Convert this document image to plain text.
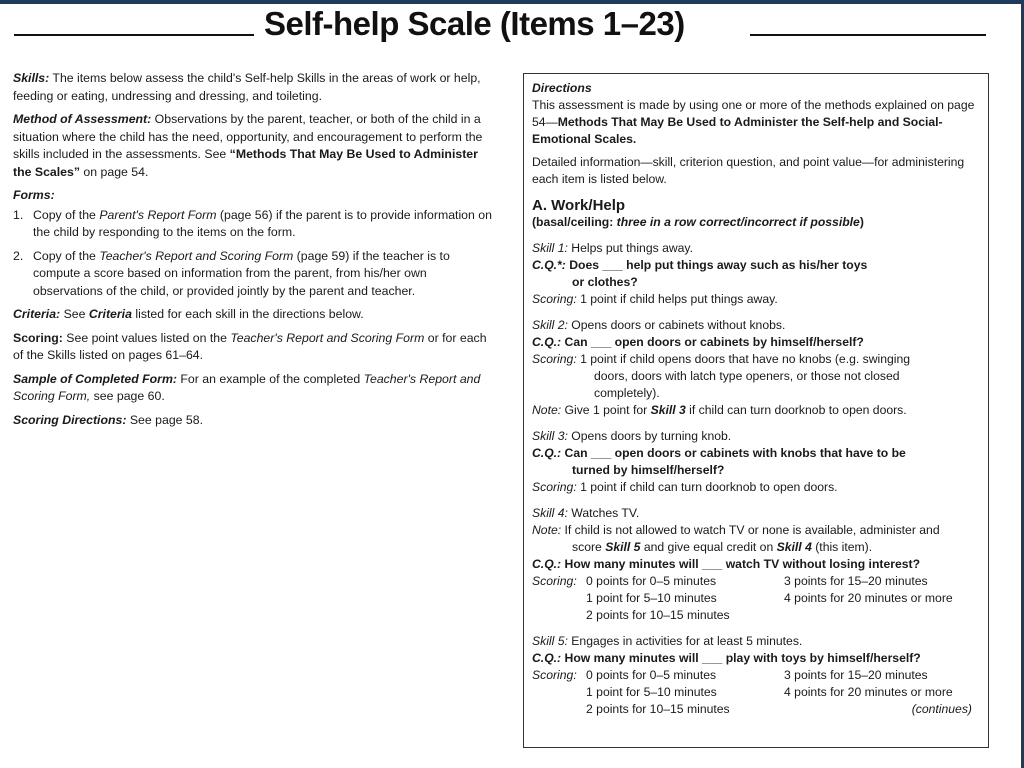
Self-help Scale (Items 1–23)

Skills: The items below assess the child's Self-help Skills in the areas of work or help, feeding or eating, undressing and dressing, and toileting.

Method of Assessment: Observations by the parent, teacher, or both of the child in a situation where the child has the need, opportunity, and encouragement to perform the skills included in the assessments. See “Methods That May Be Used to Administer the Scales” on page 54.

Forms:

1. Copy of the Parent's Report Form (page 56) if the parent is to provide information on the child by responding to the items on the form.
2. Copy of the Teacher's Report and Scoring Form (page 59) if the teacher is to compute a score based on information from the parent, from his/her own observations of the child, or provided jointly by the parent and teacher.

Criteria: See Criteria listed for each skill in the directions below.

Scoring: See point values listed on the Teacher's Report and Scoring Form or for each of the Skills listed on pages 61–64.

Sample of Completed Form: For an example of the completed Teacher's Report and Scoring Form, see page 60.

Scoring Directions: See page 58.

Directions

This assessment is made by using one or more of the methods explained on page 54—Methods That May Be Used to Administer the Self-help and Social-Emotional Scales.

Detailed information—skill, criterion question, and point value—for administering each item is listed below.

A. Work/Help

(basal/ceiling: three in a row correct/incorrect if possible)

Skill 1: Helps put things away.

C.Q.*: Does ___ help put things away such as his/her toys

or clothes?

Scoring: 1 point if child helps put things away.

Skill 2: Opens doors or cabinets without knobs.

C.Q.: Can ___ open doors or cabinets by himself/herself?

Scoring: 1 point if child opens doors that have no knobs (e.g. swinging

doors, doors with latch type openers, or those not closed

completely).

Note: Give 1 point for Skill 3 if child can turn doorknob to open doors.

Skill 3: Opens doors by turning knob.

C.Q.: Can ___ open doors or cabinets with knobs that have to be

turned by himself/herself?

Scoring: 1 point if child can turn doorknob to open doors.

Skill 4: Watches TV.

Note: If child is not allowed to watch TV or none is available, administer and

score Skill 5 and give equal credit on Skill 4 (this item).

C.Q.: How many minutes will ___ watch TV without losing interest?

Scoring: 0 points for 0–5 minutes	3 points for 15–20 minutes
1 point for 5–10 minutes	4 points for 20 minutes or more
2 points for 10–15 minutes

Skill 5: Engages in activities for at least 5 minutes.

C.Q.: How many minutes will ___ play with toys by himself/herself?

Scoring: 0 points for 0–5 minutes	3 points for 15–20 minutes
1 point for 5–10 minutes	4 points for 20 minutes or more
2 points for 10–15 minutes	(continues)
